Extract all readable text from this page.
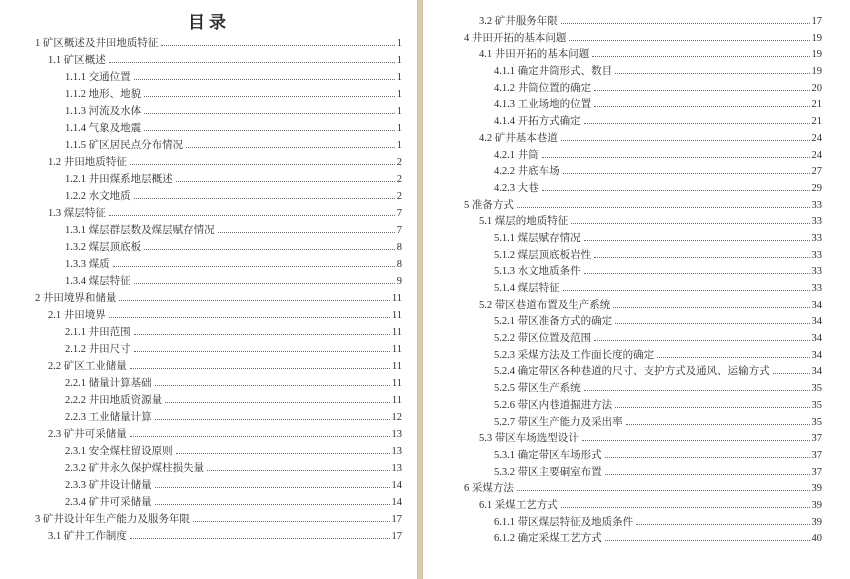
目录
1 矿区概述及井田地质特征	1
1.1 矿区概述	1
1.1.1 交通位置	1
1.1.2 地形、地貌	1
1.1.3 河流及水体	1
1.1.4 气象及地震	1
1.1.5 矿区居民点分布情况	1
1.2 井田地质特征	2
1.2.1 井田煤系地层概述	2
1.2.2 水文地质	2
1.3 煤层特征	7
1.3.1 煤层群层数及煤层赋存情况	7
1.3.2 煤层顶底板	8
1.3.3 煤质	8
1.3.4 煤层特征	9
2 井田境界和储量	11
2.1 井田境界	11
2.1.1 井田范围	11
2.1.2 井田尺寸	11
2.2 矿区工业储量	11
2.2.1 储量计算基础	11
2.2.2 井田地质资源量	11
2.2.3 工业储量计算	12
2.3 矿井可采储量	13
2.3.1 安全煤柱留设原则	13
2.3.2 矿井永久保护煤柱损失量	13
2.3.3 矿井设计储量	14
2.3.4 矿井可采储量	14
3 矿井设计年生产能力及服务年限	17
3.1 矿井工作制度	17
3.2 矿井服务年限	17
4 井田开拓的基本问题	19
4.1 井田开拓的基本问题	19
4.1.1 确定井筒形式、数目	19
4.1.2 井筒位置的确定	20
4.1.3 工业场地的位置	21
4.1.4 开拓方式确定	21
4.2 矿井基本巷道	24
4.2.1 井筒	24
4.2.2 井底车场	27
4.2.3 大巷	29
5 准备方式	33
5.1 煤层的地质特征	33
5.1.1 煤层赋存情况	33
5.1.2 煤层顶底板岩性	33
5.1.3 水文地质条件	33
5.1.4 煤层特征	33
5.2 带区巷道布置及生产系统	34
5.2.1 带区准备方式的确定	34
5.2.2 带区位置及范围	34
5.2.3 采煤方法及工作面长度的确定	34
5.2.4 确定带区各种巷道的尺寸、支护方式及通风、运输方式	34
5.2.5 带区生产系统	35
5.2.6 带区内巷道掘进方法	35
5.2.7 带区生产能力及采出率	35
5.3 带区车场选型设计	37
5.3.1 确定带区车场形式	37
5.3.2 带区主要硐室布置	37
6 采煤方法	39
6.1 采煤工艺方式	39
6.1.1 带区煤层特征及地质条件	39
6.1.2 确定采煤工艺方式	40
